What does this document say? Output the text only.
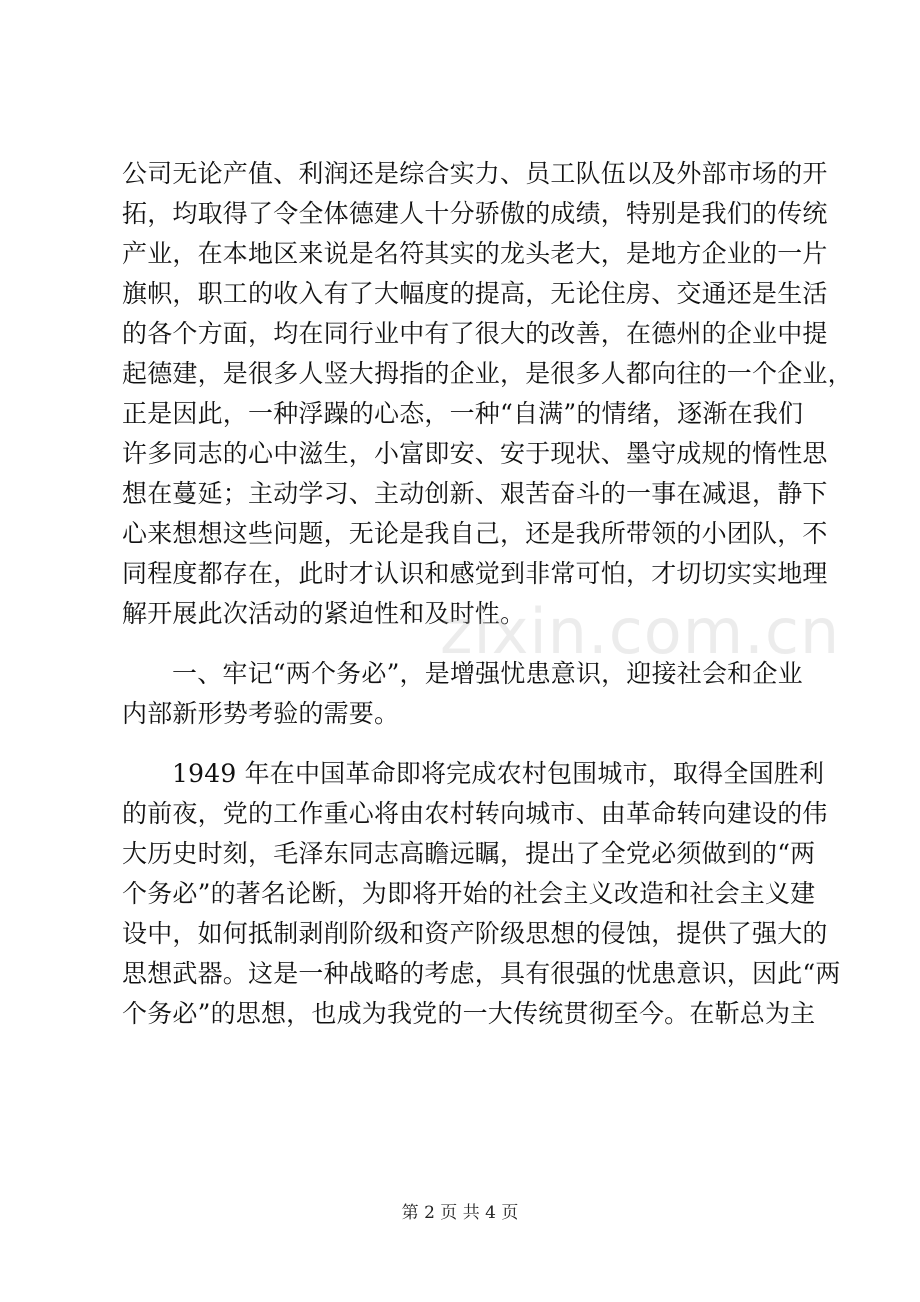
公司无论产值、利润还是综合实力、员工队伍以及外部市场的开
拓，均取得了令全体德建人十分骄傲的成绩，特别是我们的传统
产业，在本地区来说是名符其实的龙头老大，是地方企业的一片
旗帜，职工的收入有了大幅度的提高，无论住房、交通还是生活
的各个方面，均在同行业中有了很大的改善，在德州的企业中提
起德建，是很多人竖大拇指的企业，是很多人都向往的一个企业，
正是因此，一种浮躁的心态，一种“自满”的情绪，逐渐在我们
许多同志的心中滋生，小富即安、安于现状、墨守成规的惰性思
想在蔓延；主动学习、主动创新、艰苦奋斗的一事在减退，静下
心来想想这些问题，无论是我自己，还是我所带领的小团队，不
同程度都存在，此时才认识和感觉到非常可怕，才切切实实地理
解开展此次活动的紧迫性和及时性。
一、牢记“两个务必”，是增强忧患意识，迎接社会和企业
内部新形势考验的需要。
1949 年在中国革命即将完成农村包围城市，取得全国胜利
的前夜，党的工作重心将由农村转向城市、由革命转向建设的伟
大历史时刻，毛泽东同志高瞻远瞩，提出了全党必须做到的“两
个务必”的著名论断，为即将开始的社会主义改造和社会主义建
设中，如何抵制剥削阶级和资产阶级思想的侵蚀，提供了强大的
思想武器。这是一种战略的考虑，具有很强的忧患意识，因此“两
个务必”的思想，也成为我党的一大传统贯彻至今。在靳总为主
zixin.com.cn
第 2 页 共 4 页
